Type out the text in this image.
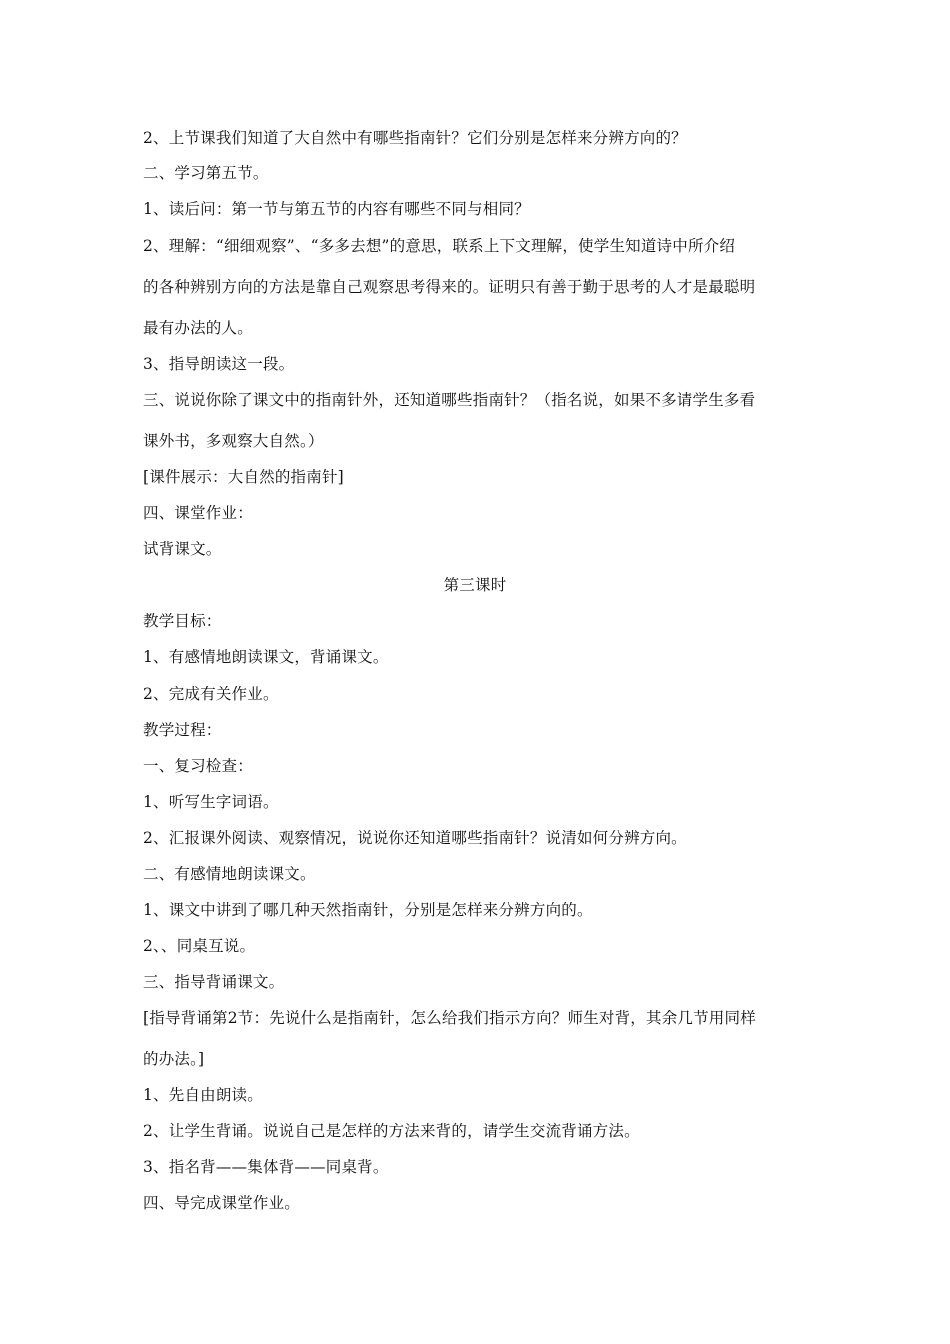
2、上节课我们知道了大自然中有哪些指南针？它们分别是怎样来分辨方向的？

二、学习第五节。

1、读后问：第一节与第五节的内容有哪些不同与相同？

2、理解：“细细观察”、“多多去想”的意思，联系上下文理解，使学生知道诗中所介绍

的各种辨别方向的方法是靠自己观察思考得来的。证明只有善于勤于思考的人才是最聪明

最有办法的人。

3、指导朗读这一段。

三、说说你除了课文中的指南针外，还知道哪些指南针？（指名说，如果不多请学生多看

课外书，多观察大自然。）

[课件展示：大自然的指南针]

四、课堂作业：

试背课文。

第三课时

教学目标：

1、有感情地朗读课文，背诵课文。

2、完成有关作业。

教学过程：

一、复习检查：

1、听写生字词语。

2、汇报课外阅读、观察情况，说说你还知道哪些指南针？说清如何分辨方向。

二、有感情地朗读课文。

1、课文中讲到了哪几种天然指南针，分别是怎样来分辨方向的。

2、、同桌互说。

三、指导背诵课文。

[指导背诵第2节：先说什么是指南针，怎么给我们指示方向？师生对背，其余几节用同样

的办法。]

1、先自由朗读。

2、让学生背诵。说说自己是怎样的方法来背的，请学生交流背诵方法。

3、指名背——集体背——同桌背。

四、导完成课堂作业。
